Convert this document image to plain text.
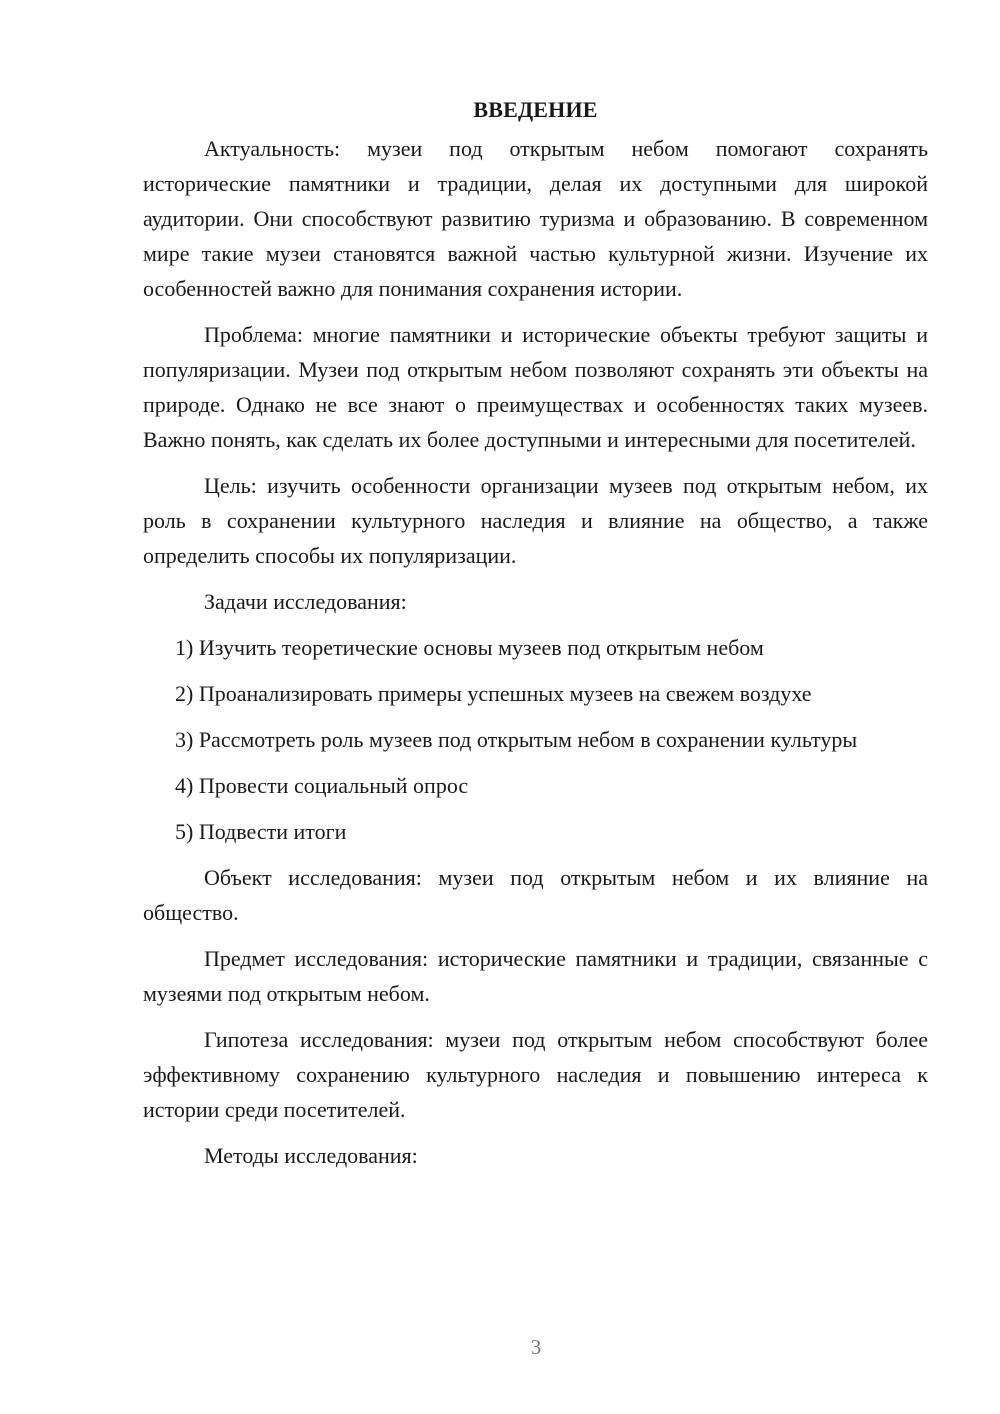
ВВЕДЕНИЕ

Актуальность: музеи под открытым небом помогают сохранять исторические памятники и традиции, делая их доступными для широкой аудитории. Они способствуют развитию туризма и образованию. В современном мире такие музеи становятся важной частью культурной жизни. Изучение их особенностей важно для понимания сохранения истории.

Проблема: многие памятники и исторические объекты требуют защиты и популяризации. Музеи под открытым небом позволяют сохранять эти объекты на природе. Однако не все знают о преимуществах и особенностях таких музеев. Важно понять, как сделать их более доступными и интересными для посетителей.

Цель: изучить особенности организации музеев под открытым небом, их роль в сохранении культурного наследия и влияние на общество, а также определить способы их популяризации.

Задачи исследования:

1) Изучить теоретические основы музеев под открытым небом

2) Проанализировать примеры успешных музеев на свежем воздухе

3) Рассмотреть роль музеев под открытым небом в сохранении культуры

4) Провести социальный опрос

5) Подвести итоги

Объект исследования: музеи под открытым небом и их влияние на общество.

Предмет исследования: исторические памятники и традиции, связанные с музеями под открытым небом.

Гипотеза исследования: музеи под открытым небом способствуют более эффективному сохранению культурного наследия и повышению интереса к истории среди посетителей.

Методы исследования:

3
